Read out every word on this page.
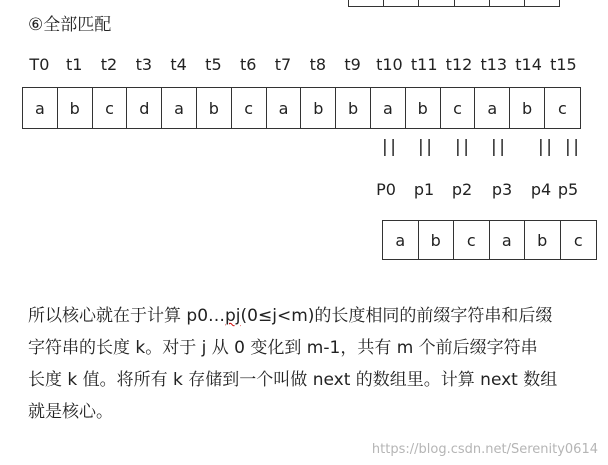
⑥全部匹配
T0 t1 t2 t3 t4 t5 t6 t7 t8 t9 t10 t11 t12 t13 t14 t15
a	b	c	d	a	b	c	a	b	b	a	b	c	a	b	c
|| || || || || ||
P0 p1 p2 p3 p4 p5
a	b	c	a	b	c
所以核心就在于计算 p0…pj(0≤j<m)的长度相同的前缀字符串和后缀
字符串的长度 k。对于 j 从 0 变化到 m-1，共有 m 个前后缀字符串
长度 k 值。将所有 k 存储到一个叫做 next 的数组里。计算 next 数组
就是核心。
https://blog.csdn.net/Serenity0614
